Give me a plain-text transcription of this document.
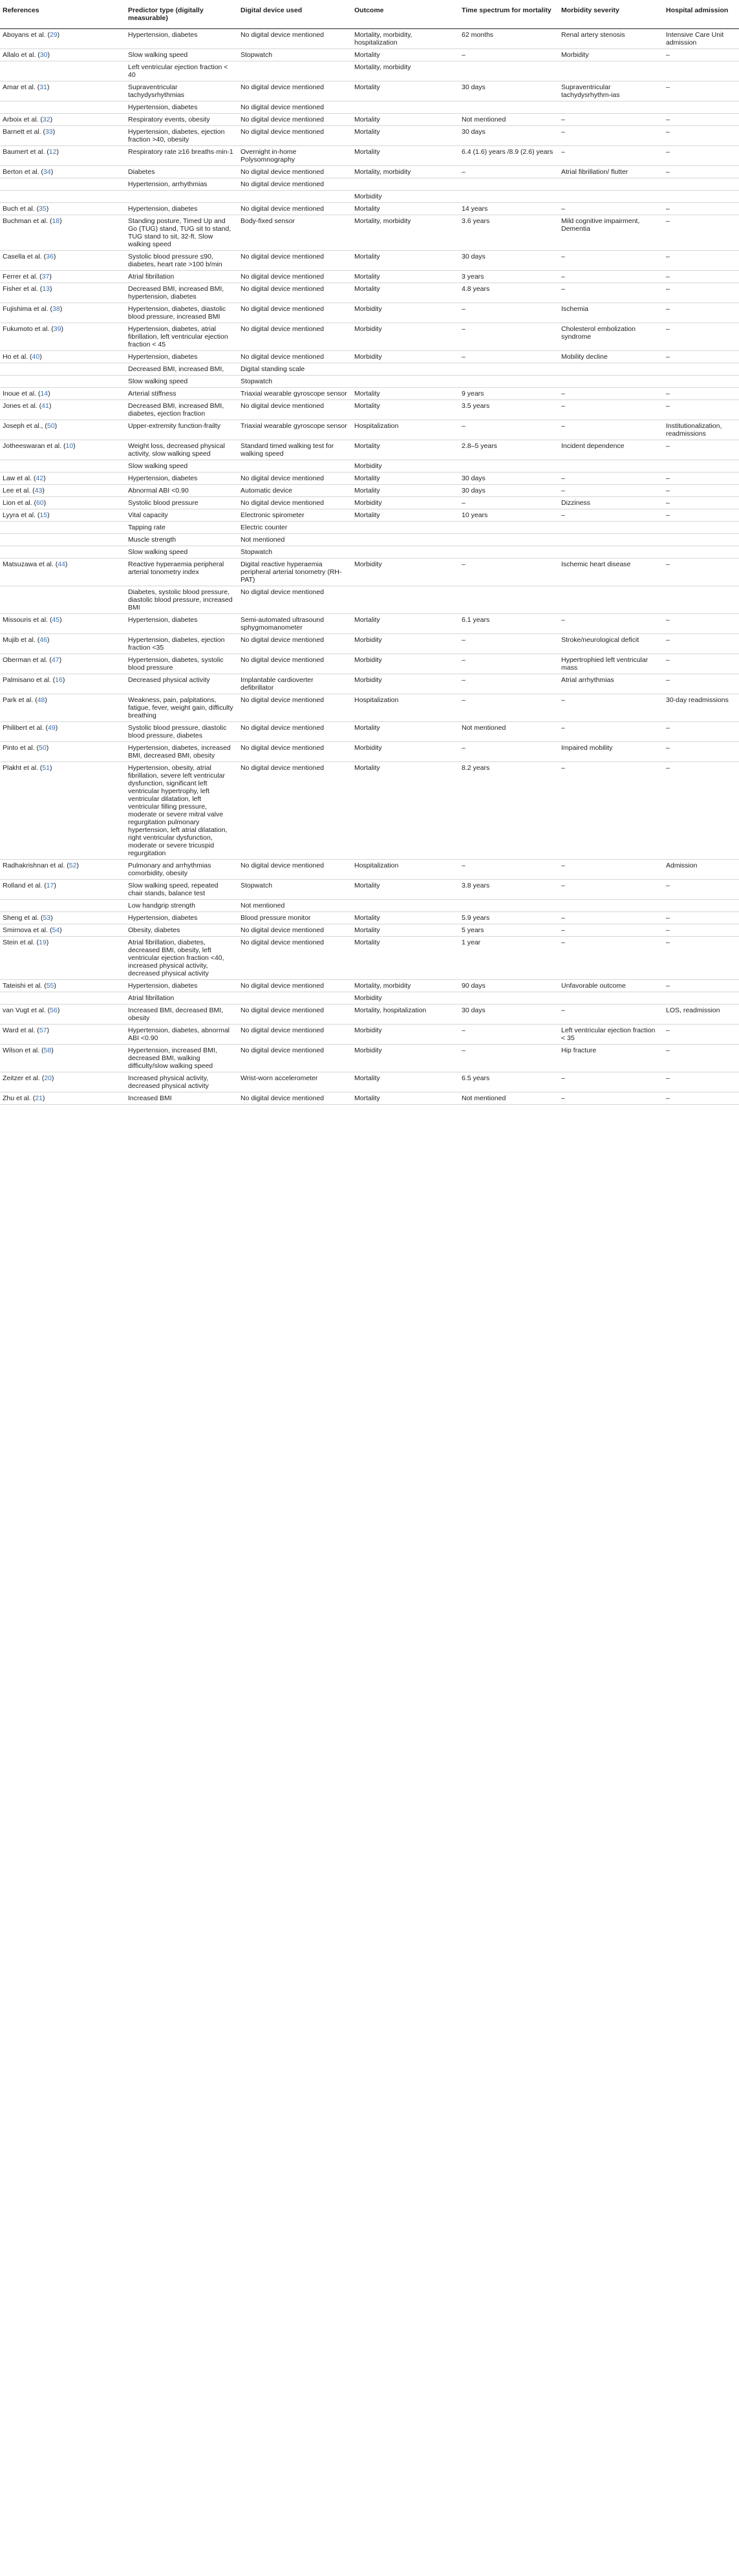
References	Predictor type (digitally measurable)	Digital device used	Outcome	Time spectrum for mortality	Morbidity severity	Hospital admission
Aboyans et al. (29)	Hypertension, diabetes	No digital device mentioned	Mortality, morbidity, hospitalization	62 months	Renal artery stenosis	Intensive Care Unit admission
Allalo et al. (30)	Slow walking speed	Stopwatch	Mortality	–	Morbidity	–
	Left ventricular ejection fraction < 40		Mortality, morbidity			
Amar et al. (31)	Supraventricular tachydysrhythmias	No digital device mentioned	Mortality	30 days	Supraventricular tachydysrhythm-ias	–
	Hypertension, diabetes	No digital device mentioned				
Arboix et al. (32)	Respiratory events, obesity	No digital device mentioned	Mortality	Not mentioned	–	–
Barnett et al. (33)	Hypertension, diabetes, ejection fraction >40, obesity	No digital device mentioned	Mortality	30 days	–	–
Baumert et al. (12)	Respiratory rate ≥16 breaths·min-1	Overnight in-home Polysomnography	Mortality	6.4 (1.6) years /8.9 (2.6) years	–	–
Berton et al. (34)	Diabetes	No digital device mentioned	Mortality, morbidity	–	Atrial fibrillation/ flutter	–
	Hypertension, arrhythmias	No digital device mentioned				
			Morbidity			
Buch et al. (35)	Hypertension, diabetes	No digital device mentioned	Mortality	14 years	–	–
Buchman et al. (18)	Standing posture, Timed Up and Go (TUG) stand, TUG sit to stand, TUG stand to sit, 32-ft. Slow walking speed	Body-fixed sensor	Mortality, morbidity	3.6 years	Mild cognitive impairment, Dementia	–
Casella et al. (36)	Systolic blood pressure ≤90, diabetes, heart rate >100 b/min	No digital device mentioned	Mortality	30 days	–	–
Ferrer et al. (37)	Atrial fibrillation	No digital device mentioned	Mortality	3 years	–	–
Fisher et al. (13)	Decreased BMI, increased BMI, hypertension, diabetes	No digital device mentioned	Mortality	4.8 years	–	–
Fujishima et al. (38)	Hypertension, diabetes, diastolic blood pressure, increased BMI	No digital device mentioned	Morbidity	–	Ischemia	–
Fukumoto et al. (39)	Hypertension, diabetes, atrial fibrillation, left ventricular ejection fraction < 45	No digital device mentioned	Morbidity	–	Cholesterol embolization syndrome	–
Ho et al. (40)	Hypertension, diabetes	No digital device mentioned	Morbidity	–	Mobility decline	–
	Decreased BMI, increased BMI,	Digital standing scale				
	Slow walking speed	Stopwatch				
Inoue et al. (14)	Arterial stiffness	Triaxial wearable gyroscope sensor	Mortality	9 years	–	–
Jones et al. (41)	Decreased BMI, increased BMI, diabetes, ejection fraction	No digital device mentioned	Mortality	3.5 years	–	–
Joseph et al., (50)	Upper-extremity function-frailty	Triaxial wearable gyroscope sensor	Hospitalization	–	–	Institutionalization, readmissions
Jotheeswaran et al. (10)	Weight loss, decreased physical activity, slow walking speed	Standard timed walking test for walking speed	Mortality	2.8–5 years	Incident dependence	–
	Slow walking speed		Morbidity			
Law et al. (42)	Hypertension, diabetes	No digital device mentioned	Mortality	30 days	–	–
Lee et al. (43)	Abnormal ABI <0.90	Automatic device	Mortality	30 days	–	–
Lion et al. (60)	Systolic blood pressure	No digital device mentioned	Morbidity	–	Dizziness	–
Lyyra et al. (15)	Vital capacity	Electronic spirometer	Mortality	10 years	–	–
	Tapping rate	Electric counter				
	Muscle strength	Not mentioned				
	Slow walking speed	Stopwatch				
Matsuzawa et al. (44)	Reactive hyperaemia peripheral arterial tonometry index	Digital reactive hyperaemia peripheral arterial tonometry (RH-PAT)	Morbidity	–	Ischemic heart disease	–
	Diabetes, systolic blood pressure, diastolic blood pressure, increased BMI	No digital device mentioned				
Missouris et al. (45)	Hypertension, diabetes	Semi-automated ultrasound sphygmomanometer	Mortality	6.1 years	–	–
Mujib et al. (46)	Hypertension, diabetes, ejection fraction <35	No digital device mentioned	Morbidity	–	Stroke/neurological deficit	–
Oberman et al. (47)	Hypertension, diabetes, systolic blood pressure	No digital device mentioned	Morbidity	–	Hypertrophied left ventricular mass	–
Palmisano et al. (16)	Decreased physical activity	Implantable cardioverter defibrillator	Morbidity	–	Atrial arrhythmias	–
Park et al. (48)	Weakness, pain, palpitations, fatigue, fever, weight gain, difficulty breathing	No digital device mentioned	Hospitalization	–	–	30-day readmissions
Philibert et al. (49)	Systolic blood pressure, diastolic blood pressure, diabetes	No digital device mentioned	Mortality	Not mentioned	–	–
Pinto et al. (50)	Hypertension, diabetes, increased BMI, decreased BMI, obesity	No digital device mentioned	Morbidity	–	Impaired mobility	–
Plakht et al. (51)	Hypertension, obesity, atrial fibrillation, severe left ventricular dysfunction, significant left ventricular hypertrophy, left ventricular dilatation, left ventricular filling pressure, moderate or severe mitral valve regurgitation pulmonary hypertension, left atrial dilatation, right ventricular dysfunction, moderate or severe tricuspid regurgitation	No digital device mentioned	Mortality	8.2 years	–	–
Radhakrishnan et al. (52)	Pulmonary and arrhythmias comorbidity, obesity	No digital device mentioned	Hospitalization	–	–	Admission
Rolland et al. (17)	Slow walking speed, repeated chair stands, balance test	Stopwatch	Mortality	3.8 years	–	–
	Low handgrip strength	Not mentioned				
Sheng et al. (53)	Hypertension, diabetes	Blood pressure monitor	Mortality	5.9 years	–	–
Smirnova et al. (54)	Obesity, diabetes	No digital device mentioned	Mortality	5 years	–	–
Stein et al. (19)	Atrial fibrillation, diabetes, decreased BMI, obesity, left ventricular ejection fraction <40, increased physical activity, decreased physical activity	No digital device mentioned	Mortality	1 year	–	–
Tateishi et al. (55)	Hypertension, diabetes	No digital device mentioned	Mortality, morbidity	90 days	Unfavorable outcome	–
	Atrial fibrillation		Morbidity			
van Vugt et al. (56)	Increased BMI, decreased BMI, obesity	No digital device mentioned	Mortality, hospitalization	30 days	–	LOS, readmission
Ward et al. (57)	Hypertension, diabetes, abnormal ABI <0.90	No digital device mentioned	Morbidity	–	Left ventricular ejection fraction < 35	–
Wilson et al. (58)	Hypertension, increased BMI, decreased BMI, walking difficulty/slow walking speed	No digital device mentioned	Morbidity	–	Hip fracture	–
Zeitzer et al. (20)	Increased physical activity, decreased physical activity	Wrist-worn accelerometer	Mortality	6.5 years	–	–
Zhu et al. (21)	Increased BMI	No digital device mentioned	Mortality	Not mentioned	–	–
